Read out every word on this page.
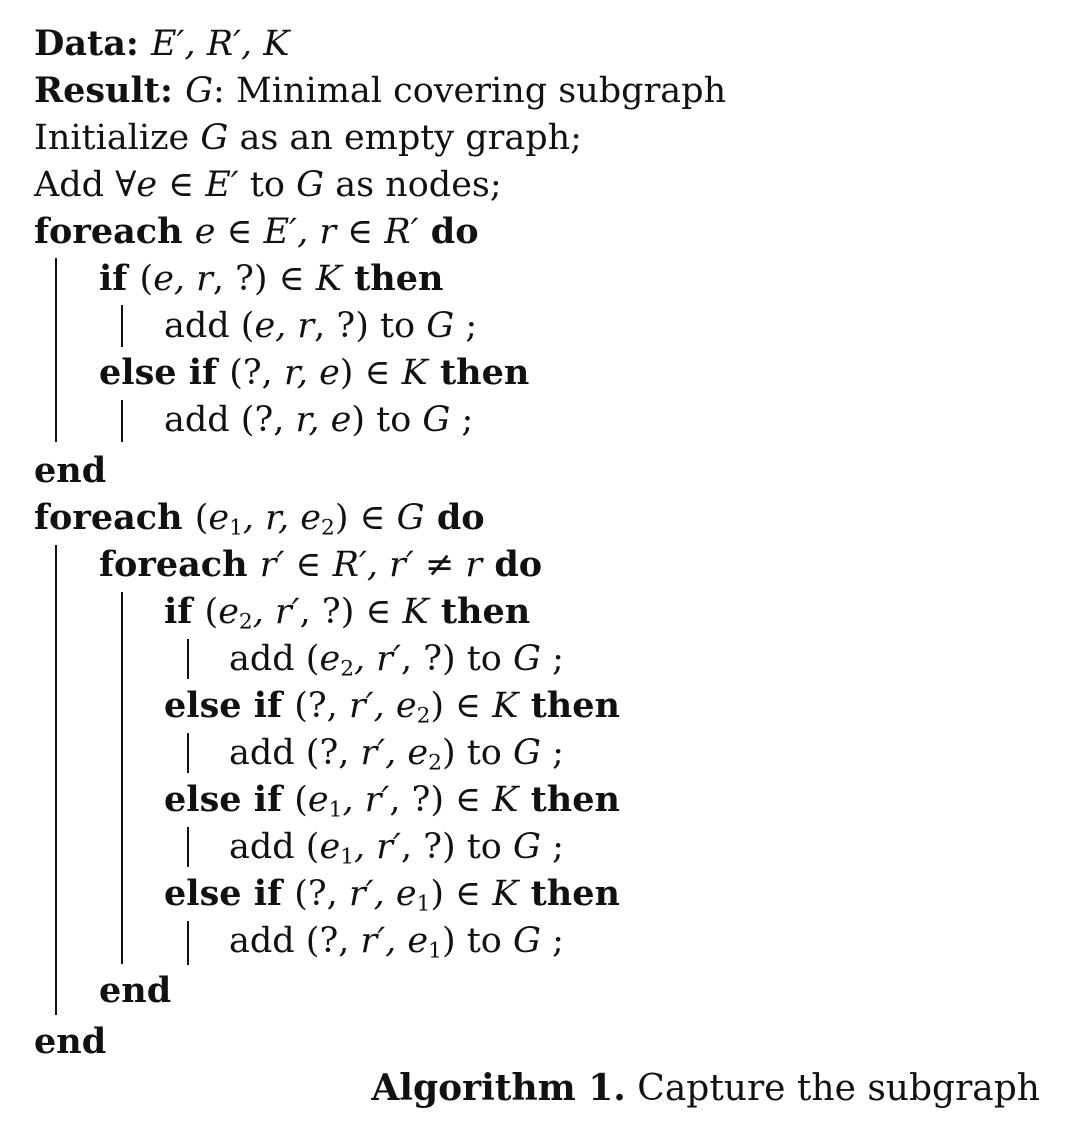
Data: E′, R′, K
Result: G: Minimal covering subgraph
Initialize G as an empty graph;
Add ∀e ∈ E′ to G as nodes;
foreach e ∈ E′, r ∈ R′ do
if (e, r, ?) ∈ K then
add (e, r, ?) to G ;
else if (?, r, e) ∈ K then
add (?, r, e) to G ;
end
foreach ($e_1$, r, $e_2$) ∈ G do
foreach r′ ∈ R′, r′ ≠ r do
if ($e_2$, r′, ?) ∈ K then
add ($e_2$, r′, ?) to G ;
else if (?, r′, $e_2$) ∈ K then
add (?, r′, $e_2$) to G ;
else if ($e_1$, r′, ?) ∈ K then
add ($e_1$, r′, ?) to G ;
else if (?, r′, $e_1$) ∈ K then
add (?, r′, $e_1$) to G ;
end
end
Algorithm 1. Capture the subgraph
